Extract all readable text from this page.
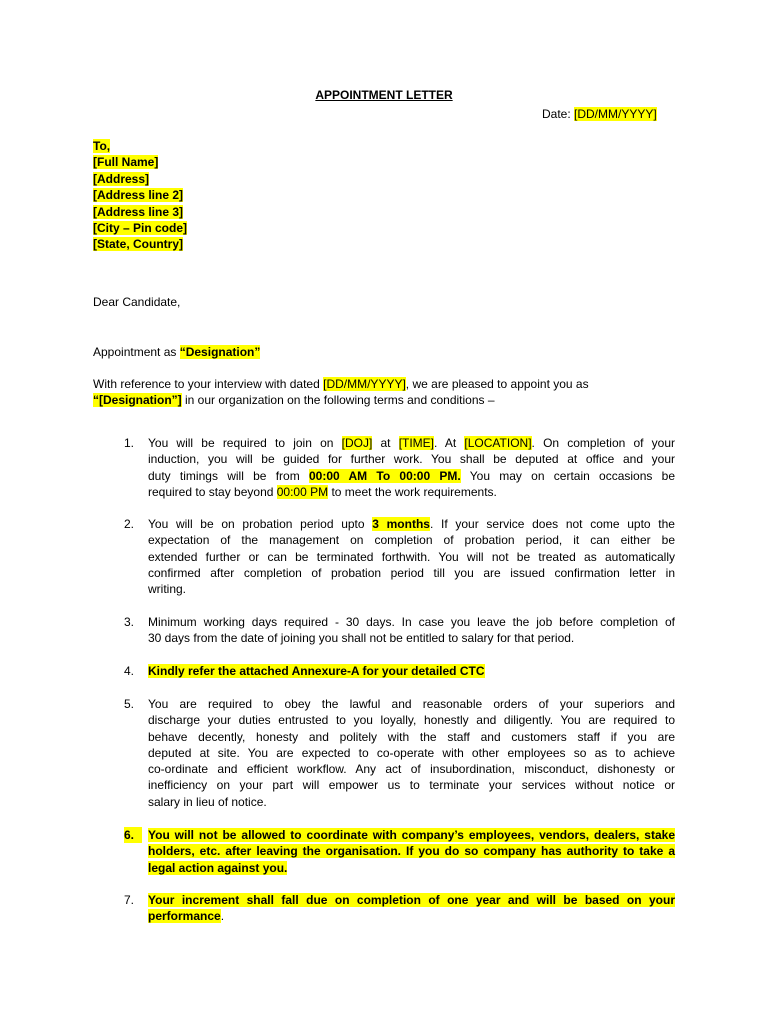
APPOINTMENT LETTER
Date: [DD/MM/YYYY]
To,
[Full Name]
[Address]
[Address line 2]
[Address line 3]
[City – Pin code]
[State, Country]
Dear Candidate,
Appointment as “Designation”
With reference to your interview with dated [DD/MM/YYYY], we are pleased to appoint you as
“[Designation”] in our organization on the following terms and conditions –
1.	You will be required to join on [DOJ] at [TIME]. At [LOCATION]. On completion of your
induction, you will be guided for further work. You shall be deputed at office and your
duty timings will be from 00:00 AM To 00:00 PM. You may on certain occasions be
required to stay beyond 00:00 PM to meet the work requirements.
2.	You will be on probation period upto 3 months. If your service does not come upto the
expectation of the management on completion of probation period, it can either be
extended further or can be terminated forthwith. You will not be treated as automatically
confirmed after completion of probation period till you are issued confirmation letter in
writing.
3.	Minimum working days required - 30 days. In case you leave the job before completion of
30 days from the date of joining you shall not be entitled to salary for that period.
4.	Kindly refer the attached Annexure-A for your detailed CTC
5.	You are required to obey the lawful and reasonable orders of your superiors and
discharge your duties entrusted to you loyally, honestly and diligently. You are required to
behave decently, honesty and politely with the staff and customers staff if you are
deputed at site. You are expected to co-operate with other employees so as to achieve
co-ordinate and efficient workflow. Any act of insubordination, misconduct, dishonesty or
inefficiency on your part will empower us to terminate your services without notice or
salary in lieu of notice.
6.	You will not be allowed to coordinate with company’s employees, vendors, dealers, stake
holders, etc. after leaving the organisation. If you do so company has authority to take a
legal action against you.
7.	Your increment shall fall due on completion of one year and will be based on your
performance.
